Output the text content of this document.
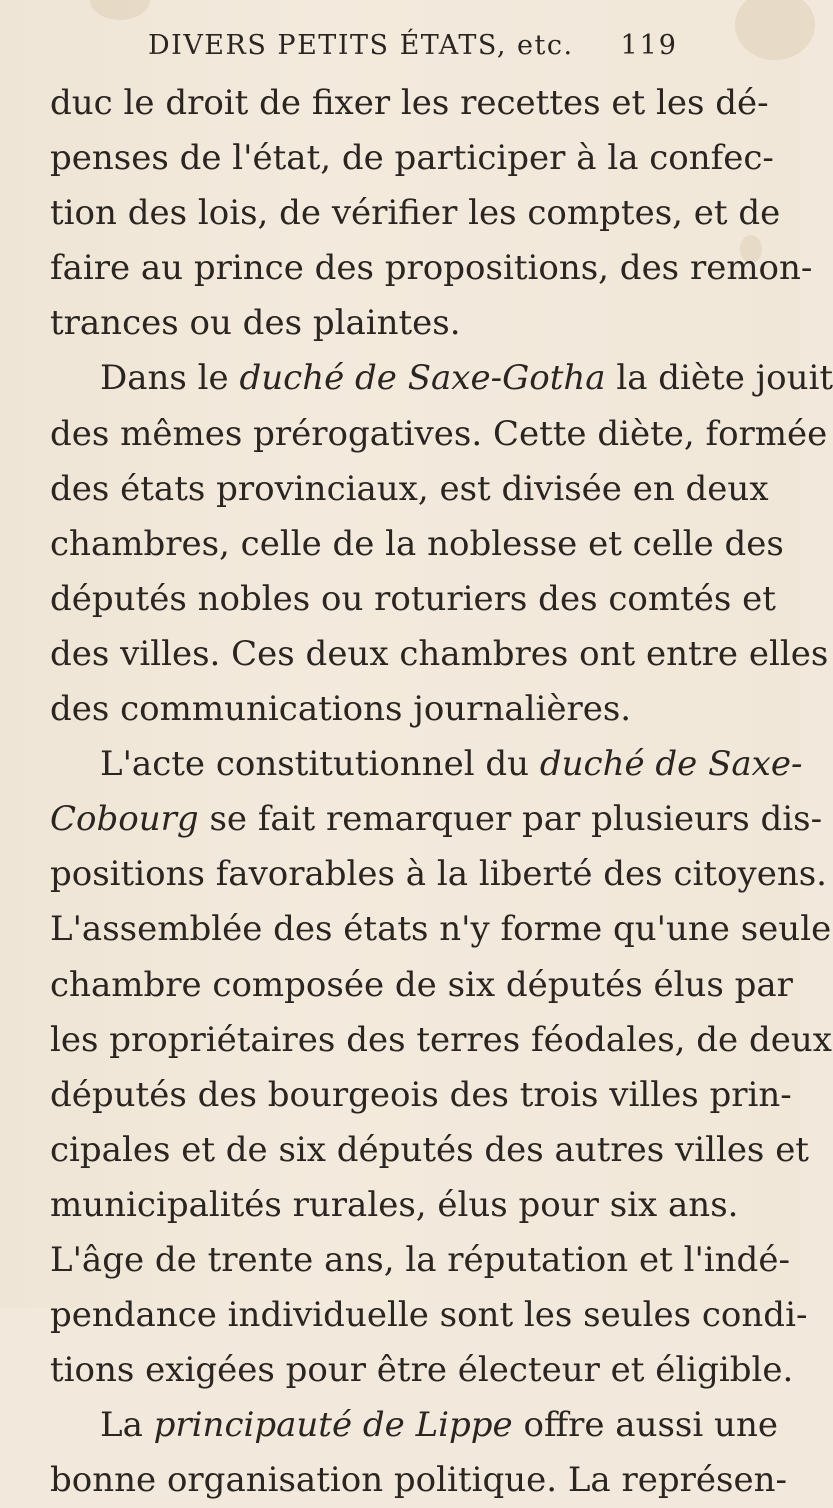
DIVERS PETITS ÉTATS, etc. 119
duc le droit de fixer les recettes et les dé-
penses de l'état, de participer à la confec-
tion des lois, de vérifier les comptes, et de
faire au prince des propositions, des remon-
trances ou des plaintes.
Dans le duché de Saxe-Gotha la diète jouit
des mêmes prérogatives. Cette diète, formée
des états provinciaux, est divisée en deux
chambres, celle de la noblesse et celle des
députés nobles ou roturiers des comtés et
des villes. Ces deux chambres ont entre elles
des communications journalières.
L'acte constitutionnel du duché de Saxe-
Cobourg se fait remarquer par plusieurs dis-
positions favorables à la liberté des citoyens.
L'assemblée des états n'y forme qu'une seule
chambre composée de six députés élus par
les propriétaires des terres féodales, de deux
députés des bourgeois des trois villes prin-
cipales et de six députés des autres villes et
municipalités rurales, élus pour six ans.
L'âge de trente ans, la réputation et l'indé-
pendance individuelle sont les seules condi-
tions exigées pour être électeur et éligible.
La principauté de Lippe offre aussi une
bonne organisation politique. La représen-
